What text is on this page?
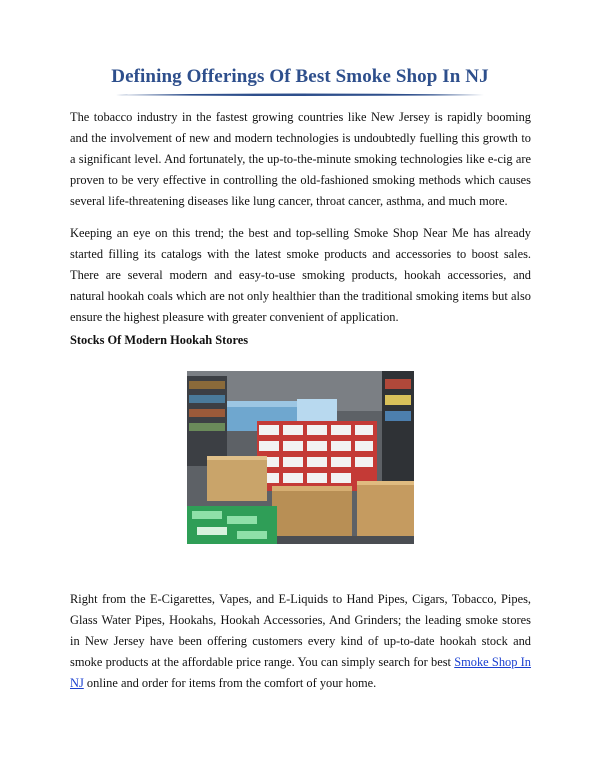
Defining Offerings Of Best Smoke Shop In NJ

The tobacco industry in the fastest growing countries like New Jersey is rapidly booming and the involvement of new and modern technologies is undoubtedly fuelling this growth to a significant level. And fortunately, the up-to-the-minute smoking technologies like e-cig are proven to be very effective in controlling the old-fashioned smoking methods which causes several life-threatening diseases like lung cancer, throat cancer, asthma, and much more.

Keeping an eye on this trend; the best and top-selling Smoke Shop Near Me has already started filling its catalogs with the latest smoke products and accessories to boost sales. There are several modern and easy-to-use smoking products, hookah accessories, and natural hookah coals which are not only healthier than the traditional smoking items but also ensure the highest pleasure with greater convenient of application.

Stocks Of Modern Hookah Stores

Right from the E-Cigarettes, Vapes, and E-Liquids to Hand Pipes, Cigars, Tobacco, Pipes, Glass Water Pipes, Hookahs, Hookah Accessories, And Grinders; the leading smoke stores in New Jersey have been offering customers every kind of up-to-date hookah stock and smoke products at the affordable price range. You can simply search for best Smoke Shop In NJ online and order for items from the comfort of your home.
